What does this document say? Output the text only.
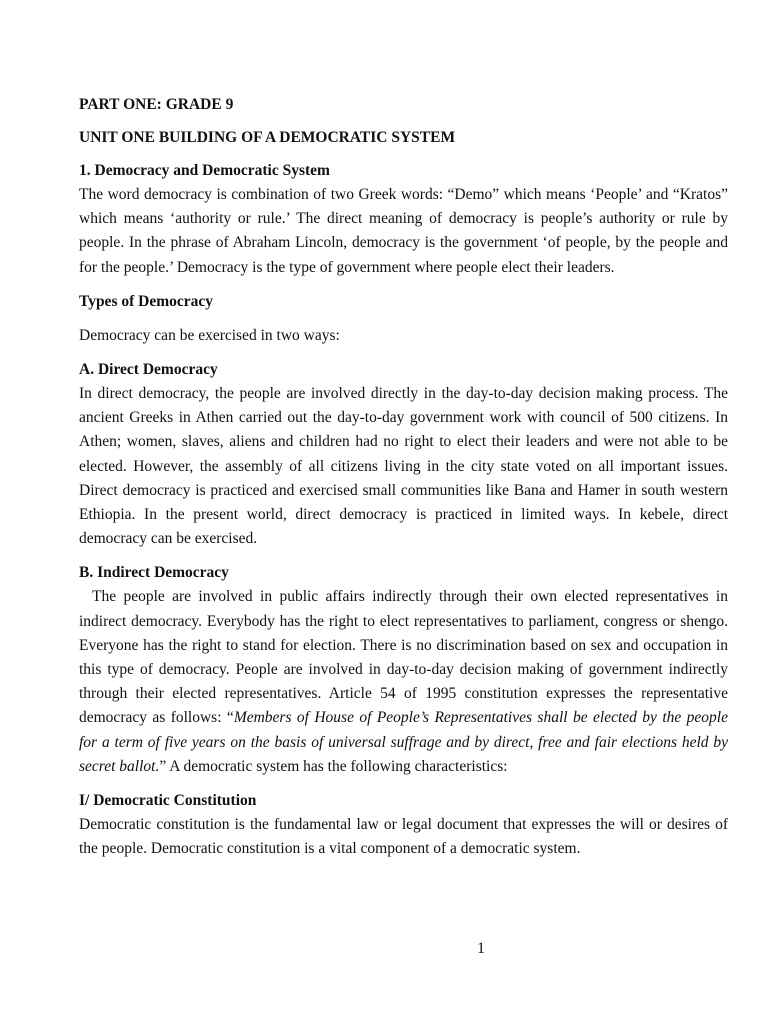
PART ONE: GRADE 9

UNIT ONE BUILDING OF A DEMOCRATIC SYSTEM

1. Democracy and Democratic System

The word democracy is combination of two Greek words: “Demo” which means ‘People’ and “Kratos” which means ‘authority or rule.’ The direct meaning of democracy is people’s authority or rule by people. In the phrase of Abraham Lincoln, democracy is the government ‘of people, by the people and for the people.’ Democracy is the type of government where people elect their leaders.

Types of Democracy

Democracy can be exercised in two ways:

A. Direct Democracy

In direct democracy, the people are involved directly in the day-to-day decision making process. The ancient Greeks in Athen carried out the day-to-day government work with council of 500 citizens. In Athen; women, slaves, aliens and children had no right to elect their leaders and were not able to be elected. However, the assembly of all citizens living in the city state voted on all important issues. Direct democracy is practiced and exercised small communities like Bana and Hamer in south western Ethiopia. In the present world, direct democracy is practiced in limited ways. In kebele, direct democracy can be exercised.

B. Indirect Democracy

The people are involved in public affairs indirectly through their own elected representatives in indirect democracy. Everybody has the right to elect representatives to parliament, congress or shengo. Everyone has the right to stand for election. There is no discrimination based on sex and occupation in this type of democracy. People are involved in day-to-day decision making of government indirectly through their elected representatives. Article 54 of 1995 constitution expresses the representative democracy as follows: “Members of House of People’s Representatives shall be elected by the people for a term of five years on the basis of universal suffrage and by direct, free and fair elections held by secret ballot.” A democratic system has the following characteristics:

I/ Democratic Constitution

Democratic constitution is the fundamental law or legal document that expresses the will or desires of the people. Democratic constitution is a vital component of a democratic system.

1
